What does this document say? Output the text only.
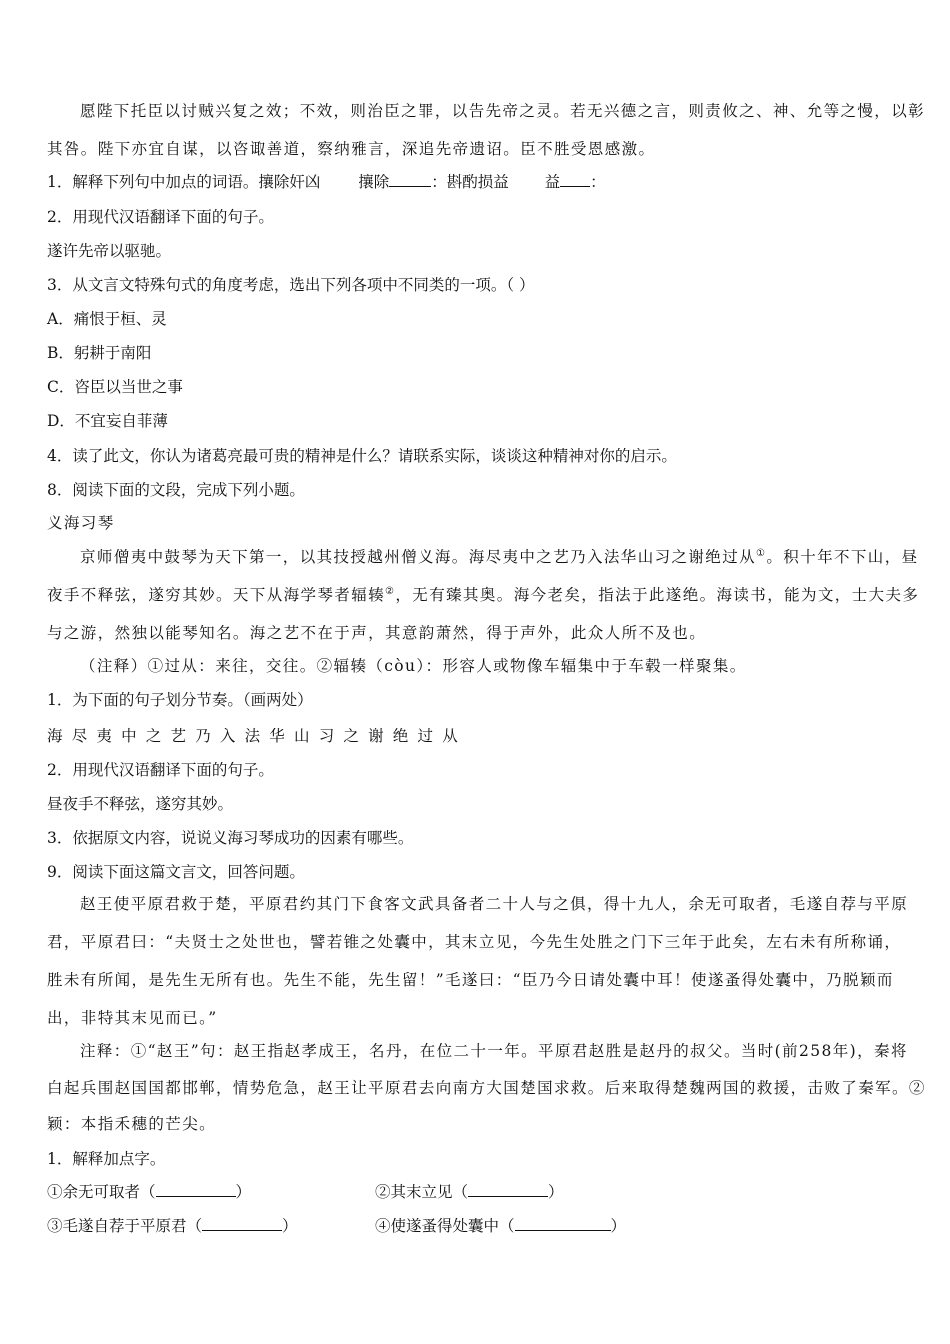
愿陛下托臣以讨贼兴复之效；不效，则治臣之罪，以告先帝之灵。若无兴德之言，则责攸之、神、允等之慢，以彰
其咎。陛下亦宜自谋，以咨诹善道，察纳雅言，深追先帝遗诏。臣不胜受恩感激。
1．解释下列句中加点的词语。攘除奸凶 攘除	：斟酌损益 益 ：
2．用现代汉语翻译下面的句子。
遂许先帝以驱驰。
3．从文言文特殊句式的角度考虑，选出下列各项中不同类的一项。（ ）
A．痛恨于桓、灵
B．躬耕于南阳
C．咨臣以当世之事
D．不宜妄自菲薄
4．读了此文，你认为诸葛亮最可贵的精神是什么？请联系实际，谈谈这种精神对你的启示。
8．阅读下面的文段，完成下列小题。
义海习琴
京师僧夷中鼓琴为天下第一，以其技授越州僧义海。海尽夷中之艺乃入法华山习之谢绝过从①。积十年不下山，昼
夜手不释弦，遂穷其妙。天下从海学琴者辐辏②，无有臻其奥。海今老矣，指法于此遂绝。海读书，能为文，士大夫多
与之游，然独以能琴知名。海之艺不在于声，其意韵萧然，得于声外，此众人所不及也。
（注释）①过从：来往，交往。②辐辏（còu）：形容人或物像车辐集中于车毂一样聚集。
1．为下面的句子划分节奏。（画两处）
海尽夷中之艺乃入法华山习之谢绝过从
2．用现代汉语翻译下面的句子。
昼夜手不释弦，遂穷其妙。
3．依据原文内容，说说义海习琴成功的因素有哪些。
9．阅读下面这篇文言文，回答问题。
赵王使平原君救于楚，平原君约其门下食客文武具备者二十人与之俱，得十九人，余无可取者，毛遂自荐与平原
君，平原君曰：“夫贤士之处世也，譬若锥之处囊中，其末立见，今先生处胜之门下三年于此矣，左右未有所称诵，
胜未有所闻，是先生无所有也。先生不能，先生留！”毛遂曰：“臣乃今日请处囊中耳！使遂蚤得处囊中，乃脱颖而
出，非特其末见而已。”
注释：①“赵王”句：赵王指赵孝成王，名丹，在位二十一年。平原君赵胜是赵丹的叔父。当时(前258年)，秦将
白起兵围赵国国都邯郸，情势危急，赵王让平原君去向南方大国楚国求救。后来取得楚魏两国的救援，击败了秦军。②
颖：本指禾穗的芒尖。
1．解释加点字。
①余无可取者（	）	②其末立见（	）
③毛遂自荐于平原君（	）	④使遂蚤得处囊中（	）
